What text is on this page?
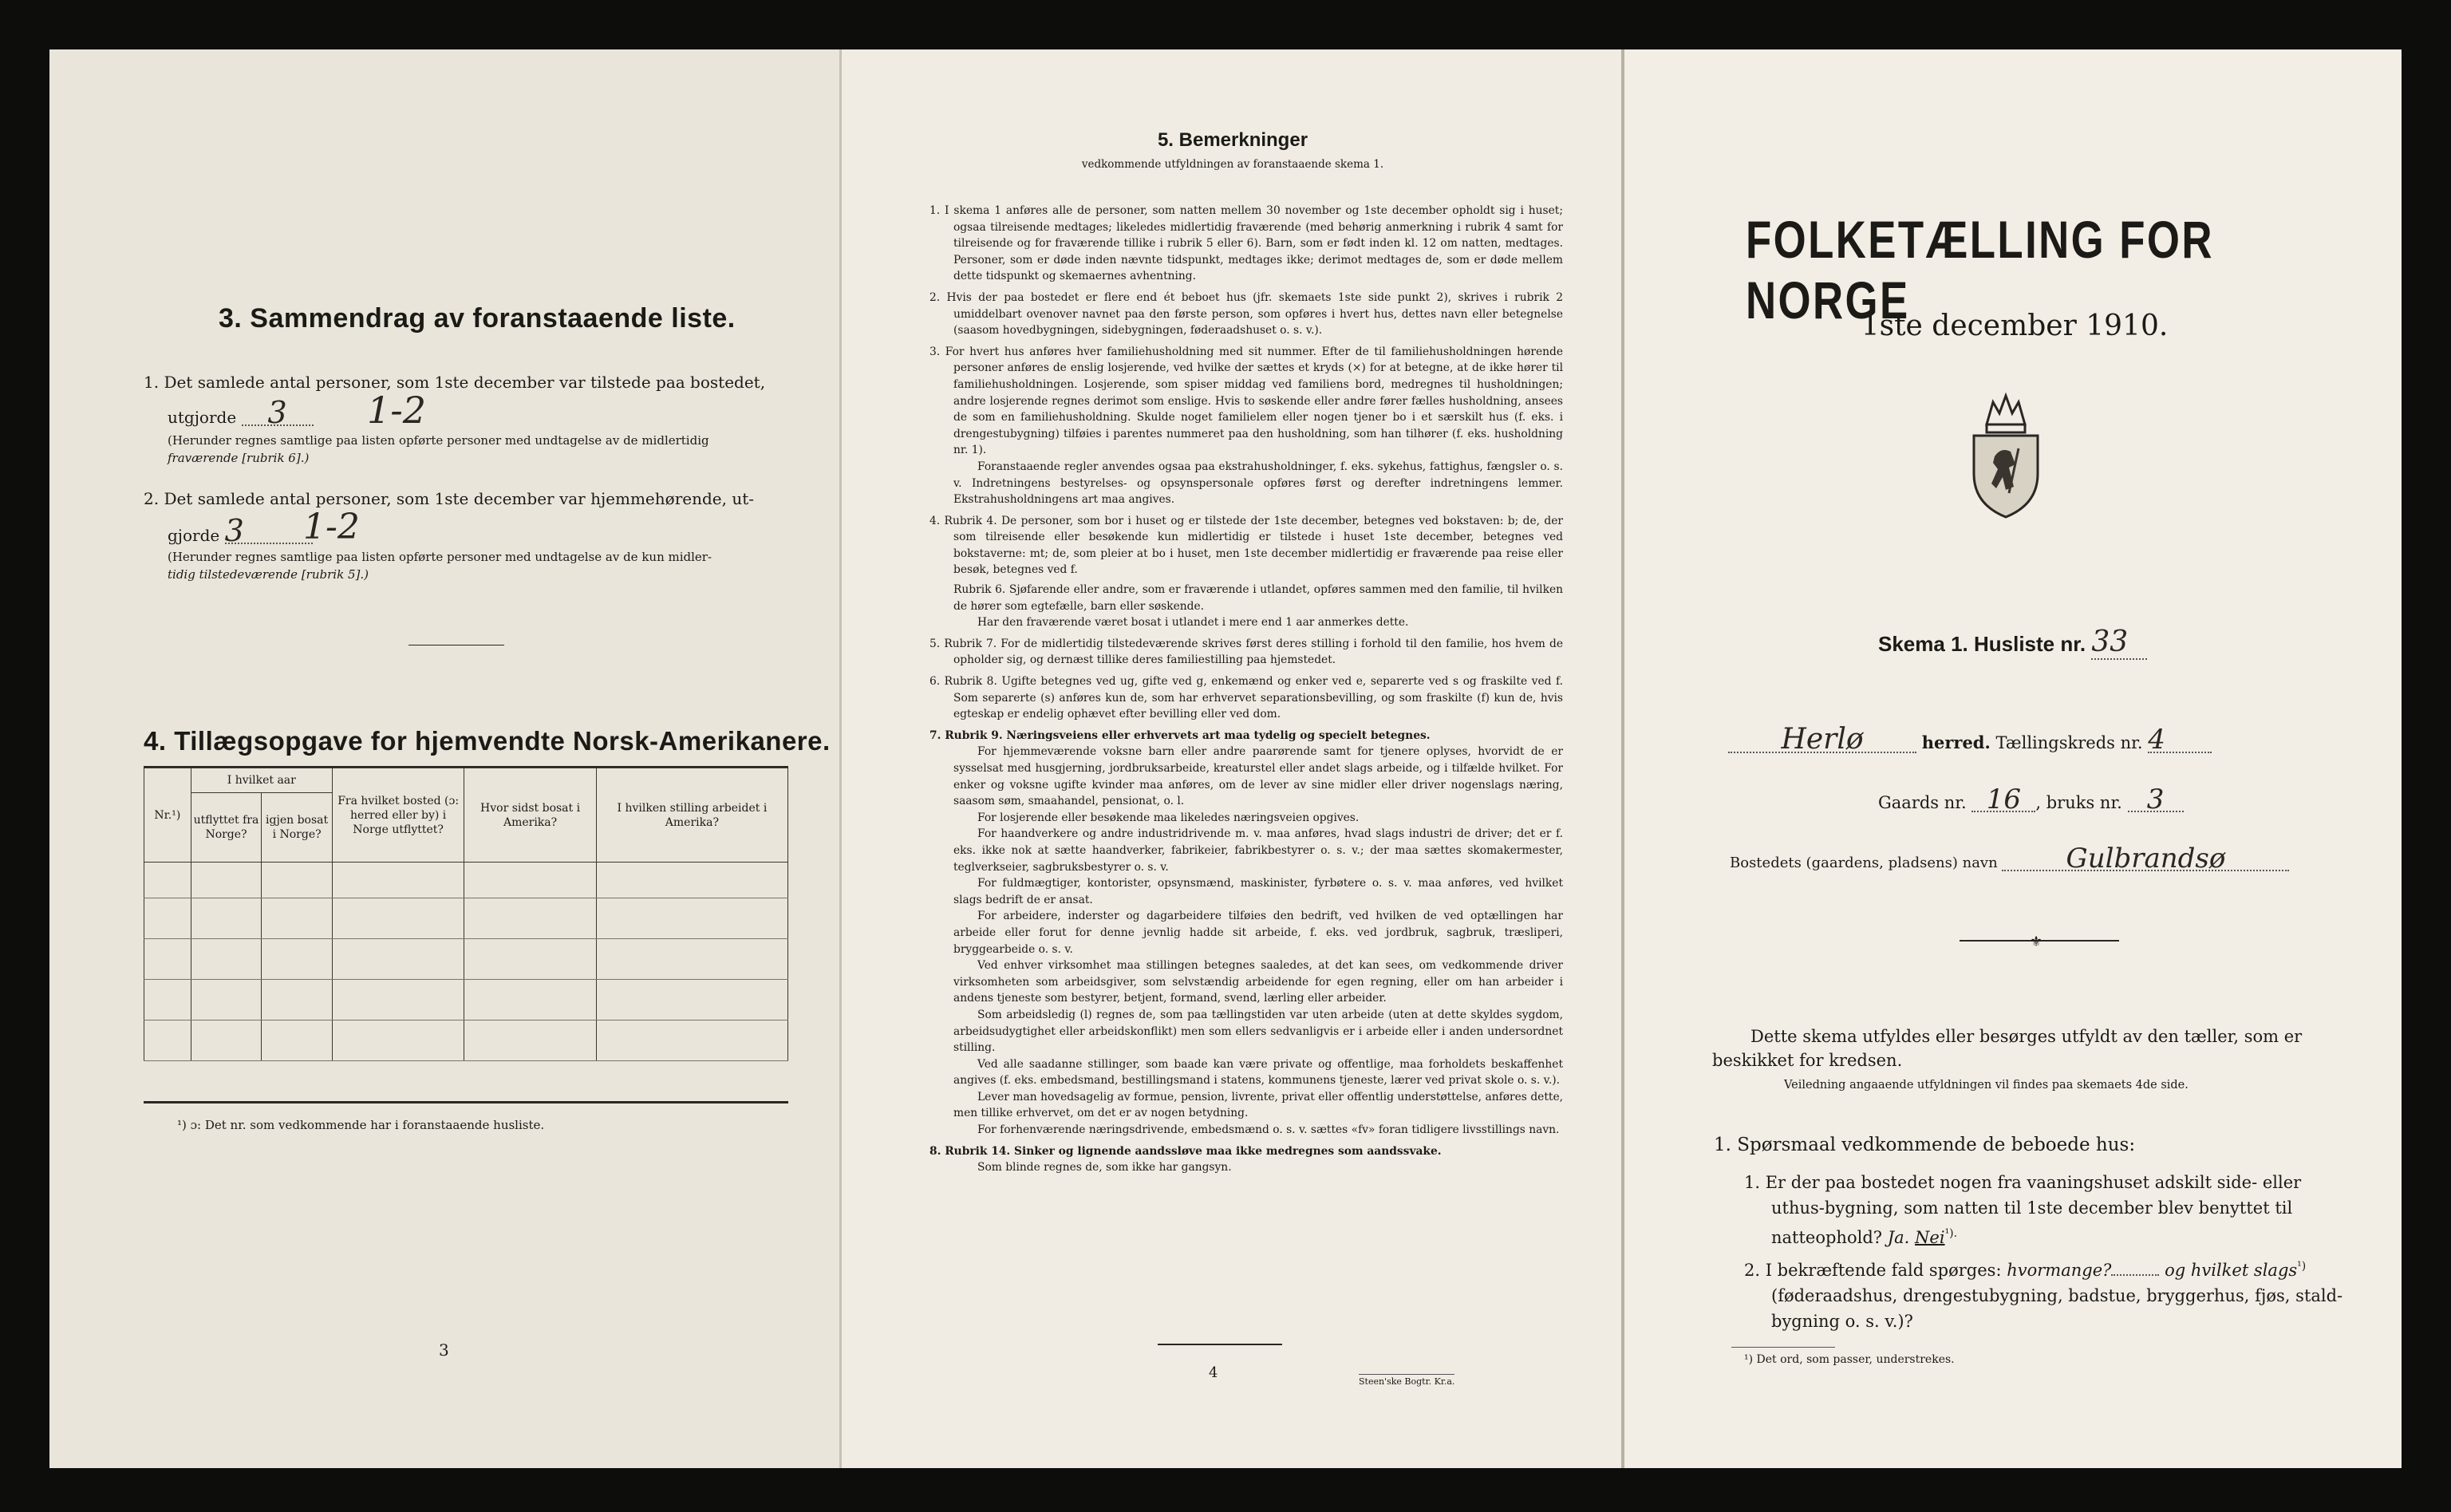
3. Sammendrag av foranstaaende liste.
1. Det samlede antal personer, som 1ste december var tilstede paa bostedet,
utgjorde 3	1-2
(Herunder regnes samtlige paa listen opførte personer med undtagelse av de midlertidig
fraværende [rubrik 6].)
2. Det samlede antal personer, som 1ste december var hjemmehørende, ut-
gjorde 3	1-2
(Herunder regnes samtlige paa listen opførte personer med undtagelse av de kun midler-
tidig tilstedeværende [rubrik 5].)
4. Tillægsopgave for hjemvendte Norsk-Amerikanere.
Nr.¹)	I hvilket aar		Fra hvilket bosted (ɔ: herred eller by) i Norge utflyttet?	Hvor sidst bosat i Amerika?	I hvilken stilling arbeidet i Amerika?
	utflyttet fra Norge?	igjen bosat i Norge?			

¹) ɔ: Det nr. som vedkommende har i foranstaaende husliste.
3
5. Bemerkninger
vedkommende utfyldningen av foranstaaende skema 1.

1. I skema 1 anføres alle de personer, som natten mellem 30 november og 1ste december opholdt sig i huset; ogsaa tilreisende medtages; likeledes midlertidig fraværende (med behørig anmerkning i rubrik 4 samt for tilreisende og for fraværende tillike i rubrik 5 eller 6). Barn, som er født inden kl. 12 om natten, medtages. Personer, som er døde inden nævnte tidspunkt, medtages ikke; derimot medtages de, som er døde mellem dette tidspunkt og skemaernes avhentning.

2. Hvis der paa bostedet er flere end ét beboet hus (jfr. skemaets 1ste side punkt 2), skrives i rubrik 2 umiddelbart ovenover navnet paa den første person, som opføres i hvert hus, dettes navn eller betegnelse (saasom hovedbygningen, sidebygningen, føderaadshuset o. s. v.).

3. For hvert hus anføres hver familiehusholdning med sit nummer. Efter de til familiehusholdningen hørende personer anføres de enslig losjerende, ved hvilke der sættes et kryds (×) for at betegne, at de ikke hører til familiehusholdningen. Losjerende, som spiser middag ved familiens bord, medregnes til husholdningen; andre losjerende regnes derimot som enslige. Hvis to søskende eller andre fører fælles husholdning, ansees de som en familiehusholdning. Skulde noget familielem eller nogen tjener bo i et særskilt hus (f. eks. i drengestubygning) tilføies i parentes nummeret paa den husholdning, som han tilhører (f. eks. husholdning nr. 1).

Foranstaaende regler anvendes ogsaa paa ekstrahusholdninger, f. eks. sykehus, fattighus, fængsler o. s. v. Indretningens bestyrelses- og opsynspersonale opføres først og derefter indretningens lemmer. Ekstrahusholdningens art maa angives.

4. Rubrik 4. De personer, som bor i huset og er tilstede der 1ste december, betegnes ved bokstaven: b; de, der som tilreisende eller besøkende kun midlertidig er tilstede i huset 1ste december, betegnes ved bokstaverne: mt; de, som pleier at bo i huset, men 1ste december midlertidig er fraværende paa reise eller besøk, betegnes ved f.

Rubrik 6. Sjøfarende eller andre, som er fraværende i utlandet, opføres sammen med den familie, til hvilken de hører som egtefælle, barn eller søskende.

Har den fraværende været bosat i utlandet i mere end 1 aar anmerkes dette.

5. Rubrik 7. For de midlertidig tilstedeværende skrives først deres stilling i forhold til den familie, hos hvem de opholder sig, og dernæst tillike deres familiestilling paa hjemstedet.

6. Rubrik 8. Ugifte betegnes ved ug, gifte ved g, enkemænd og enker ved e, separerte ved s og fraskilte ved f. Som separerte (s) anføres kun de, som har erhvervet separationsbevilling, og som fraskilte (f) kun de, hvis egteskap er endelig ophævet efter bevilling eller ved dom.

7. Rubrik 9. Næringsveiens eller erhvervets art maa tydelig og specielt betegnes.

For hjemmeværende voksne barn eller andre paarørende samt for tjenere oplyses, hvorvidt de er sysselsat med husgjerning, jordbruksarbeide, kreaturstel eller andet slags arbeide, og i tilfælde hvilket. For enker og voksne ugifte kvinder maa anføres, om de lever av sine midler eller driver nogenslags næring, saasom søm, smaahandel, pensionat, o. l.

For losjerende eller besøkende maa likeledes næringsveien opgives.

For haandverkere og andre industridrivende m. v. maa anføres, hvad slags industri de driver; det er f. eks. ikke nok at sætte haandverker, fabrikeier, fabrikbestyrer o. s. v.; der maa sættes skomakermester, teglverkseier, sagbruksbestyrer o. s. v.

For fuldmægtiger, kontorister, opsynsmænd, maskinister, fyrbøtere o. s. v. maa anføres, ved hvilket slags bedrift de er ansat.

For arbeidere, inderster og dagarbeidere tilføies den bedrift, ved hvilken de ved optællingen har arbeide eller forut for denne jevnlig hadde sit arbeide, f. eks. ved jordbruk, sagbruk, træsliperi, bryggearbeide o. s. v.

Ved enhver virksomhet maa stillingen betegnes saaledes, at det kan sees, om vedkommende driver virksomheten som arbeidsgiver, som selvstændig arbeidende for egen regning, eller om han arbeider i andens tjeneste som bestyrer, betjent, formand, svend, lærling eller arbeider.

Som arbeidsledig (l) regnes de, som paa tællingstiden var uten arbeide (uten at dette skyldes sygdom, arbeidsudygtighet eller arbeidskonflikt) men som ellers sedvanligvis er i arbeide eller i anden undersordnet stilling.

Ved alle saadanne stillinger, som baade kan være private og offentlige, maa forholdets beskaffenhet angives (f. eks. embedsmand, bestillingsmand i statens, kommunens tjeneste, lærer ved privat skole o. s. v.).

Lever man hovedsagelig av formue, pension, livrente, privat eller offentlig understøttelse, anføres dette, men tillike erhvervet, om det er av nogen betydning.

For forhenværende næringsdrivende, embedsmænd o. s. v. sættes «fv» foran tidligere livsstillings navn.

8. Rubrik 14. Sinker og lignende aandssløve maa ikke medregnes som aandssvake.

Som blinde regnes de, som ikke har gangsyn.

4
Steen'ske Bogtr. Kr.a.
FOLKETÆLLING FOR NORGE
1ste december 1910.
Skema 1. Husliste nr. 33
Herlø	herred. Tællingskreds nr. 4
Gaards nr. 16 , bruks nr. 3
Bostedets (gaardens, pladsens) navn	Gulbrandsø
⚜
Dette skema utfyldes eller besørges utfyldt av den tæller, som er
beskikket for kredsen.
Veiledning angaaende utfyldningen vil findes paa skemaets 4de side.
1. Spørsmaal vedkommende de beboede hus:
1. Er der paa bostedet nogen fra vaaningshuset adskilt side- eller
uthus-bygning, som natten til 1ste december blev benyttet til
natteophold? Ja. Nei$^{^1).}$
2. I bekræftende fald spørges: hvormange?	og hvilket slags$^{^1)}$
(føderaadshus, drengestubygning, badstue, bryggerhus, fjøs, stald-
bygning o. s. v.)?
¹) Det ord, som passer, understrekes.
